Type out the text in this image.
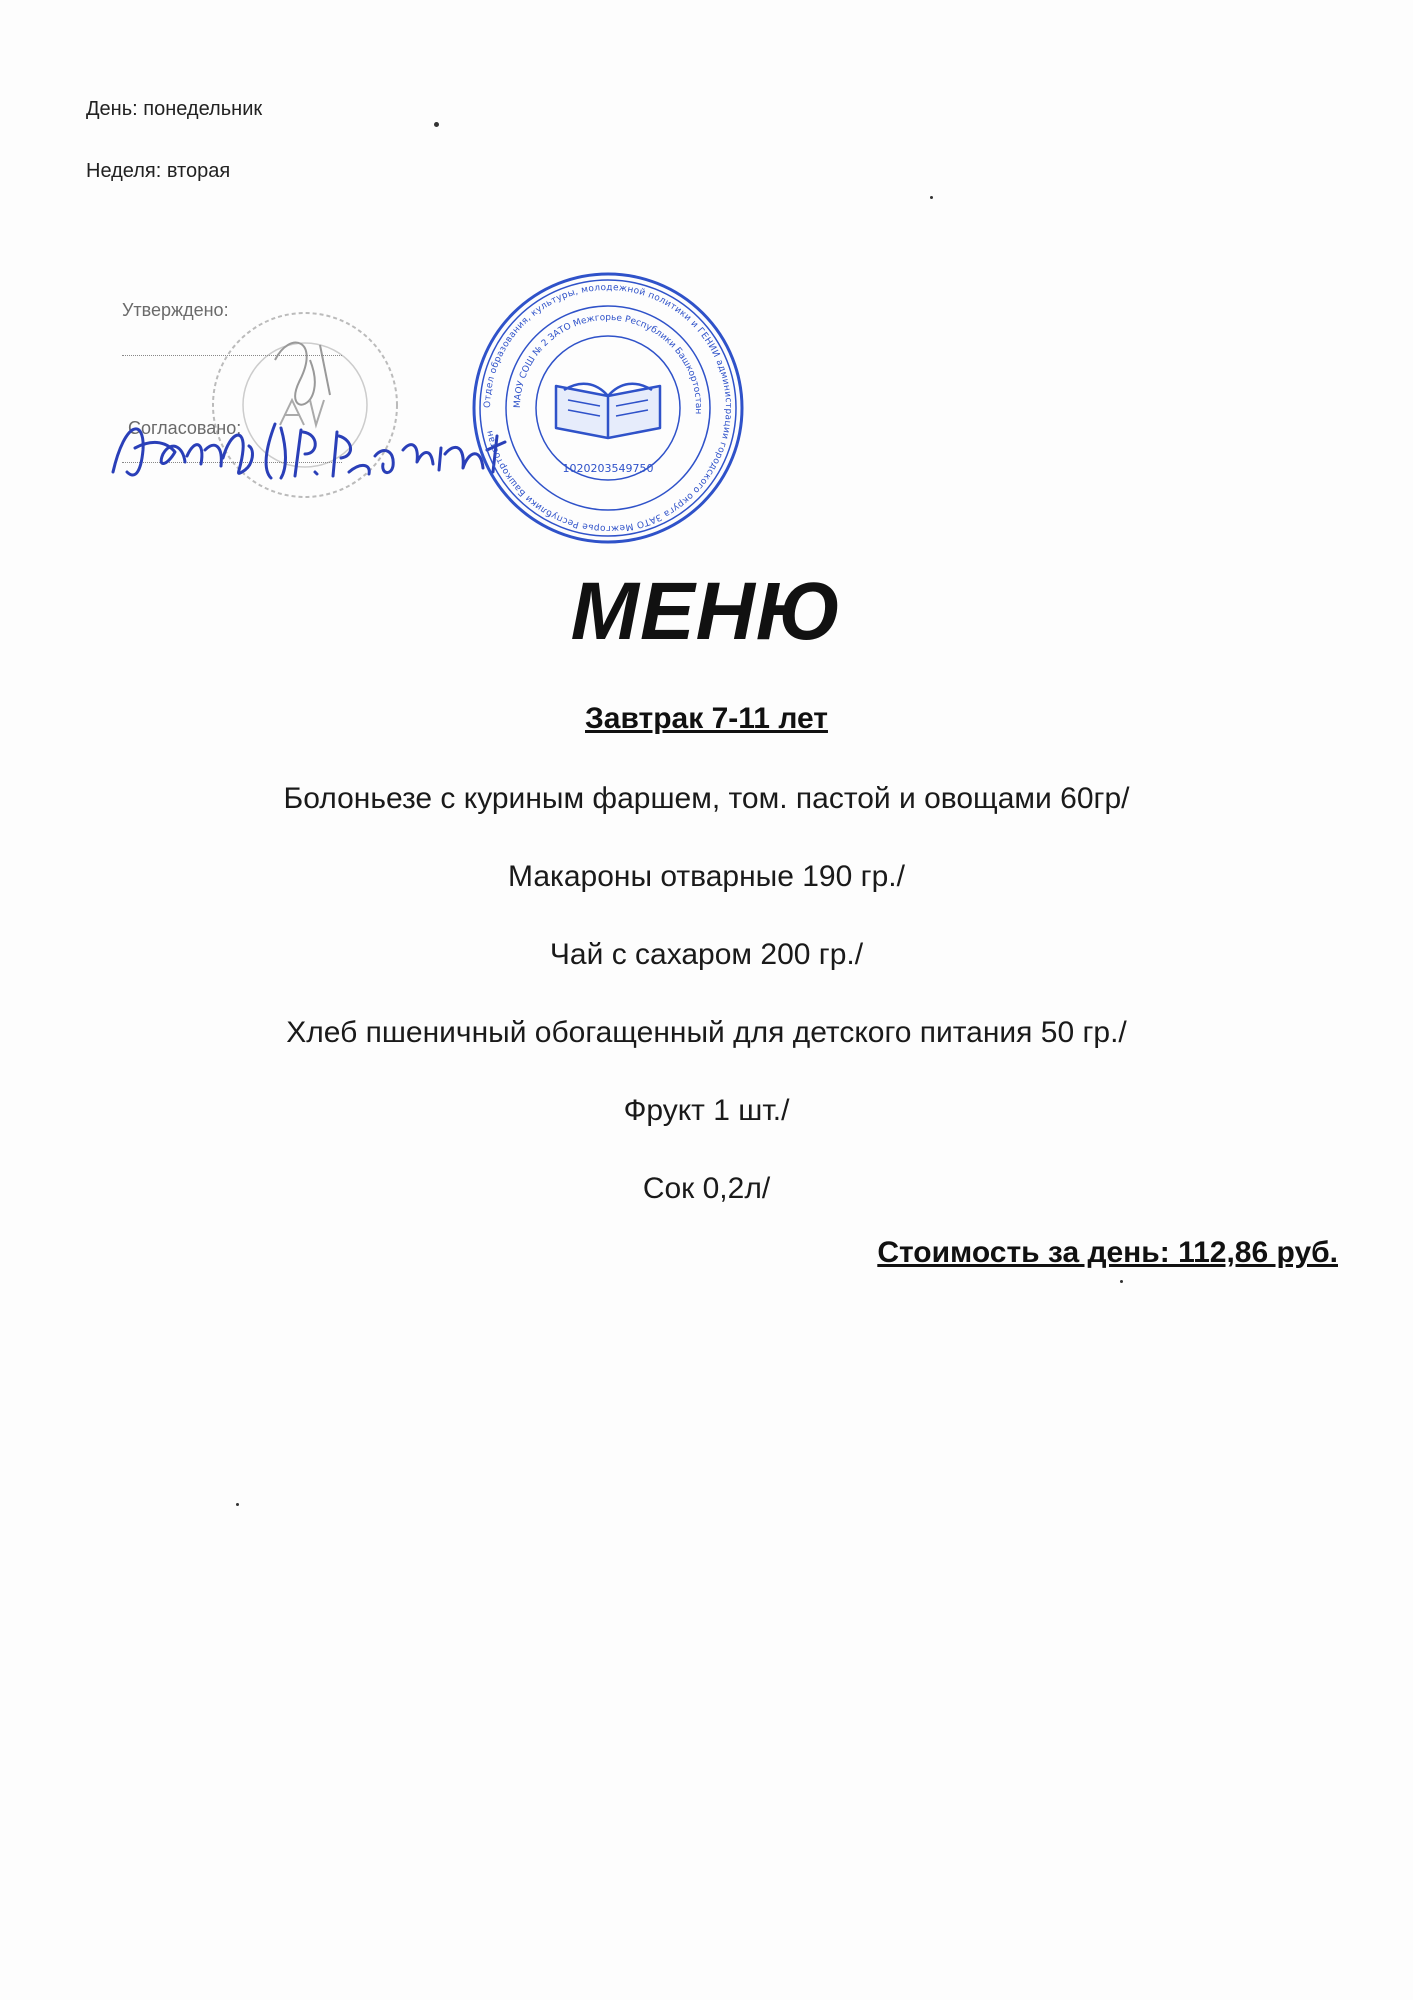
День: понедельник
Неделя: вторая
Утверждено:
Согласовано:
Отдел образования, культуры, молодежной политики и ГЕНИИ администрации городского округа ЗАТО Межгорье Республики Башкортостан
МАОУ СОШ № 2 ЗАТО Межгорье Республики Башкортостан
1020203549750
МЕНЮ
Завтрак 7-11 лет
Болоньезе с куриным фаршем, том. пастой и овощами 60гр/
Макароны отварные 190 гр./
Чай с сахаром 200 гр./
Хлеб пшеничный обогащенный для детского питания 50 гр./
Фрукт 1 шт./
Сок 0,2л/
Стоимость за день: 112,86 руб.
